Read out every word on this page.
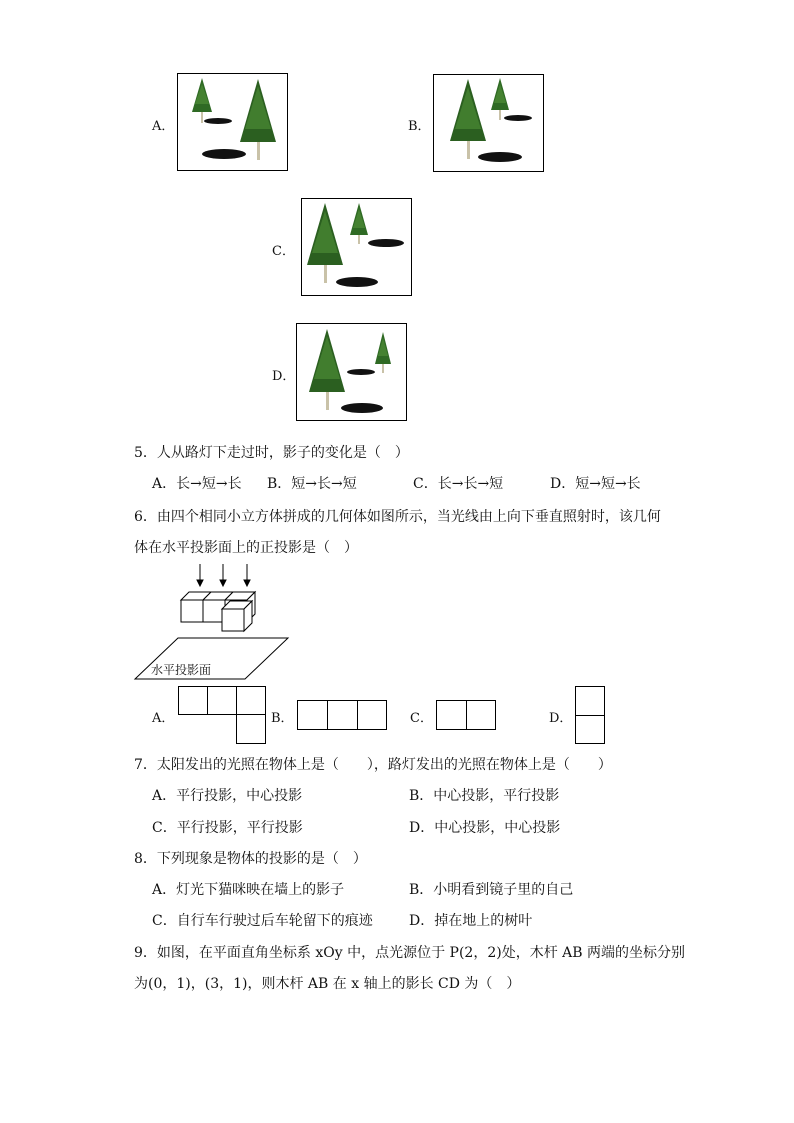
A．	B．
C．
D．
5．人从路灯下走过时，影子的变化是（　）
A．长→短→长 B．短→长→短	C．长→长→短	D．短→短→长
6．由四个相同小立方体拼成的几何体如图所示，当光线由上向下垂直照射时，该几何
体在水平投影面上的正投影是（　）
水平投影面
A．	B．	C．	D．
7．太阳发出的光照在物体上是（　　），路灯发出的光照在物体上是（　　）
A．平行投影，中心投影	B．中心投影，平行投影
C．平行投影，平行投影	D．中心投影，中心投影
8．下列现象是物体的投影的是（　）
A．灯光下猫咪映在墙上的影子	B．小明看到镜子里的自己
C．自行车行驶过后车轮留下的痕迹	D．掉在地上的树叶
9．如图，在平面直角坐标系 xOy 中，点光源位于 P(2，2)处，木杆 AB 两端的坐标分别
为(0，1)，(3，1)，则木杆 AB 在 x 轴上的影长 CD 为（　）
